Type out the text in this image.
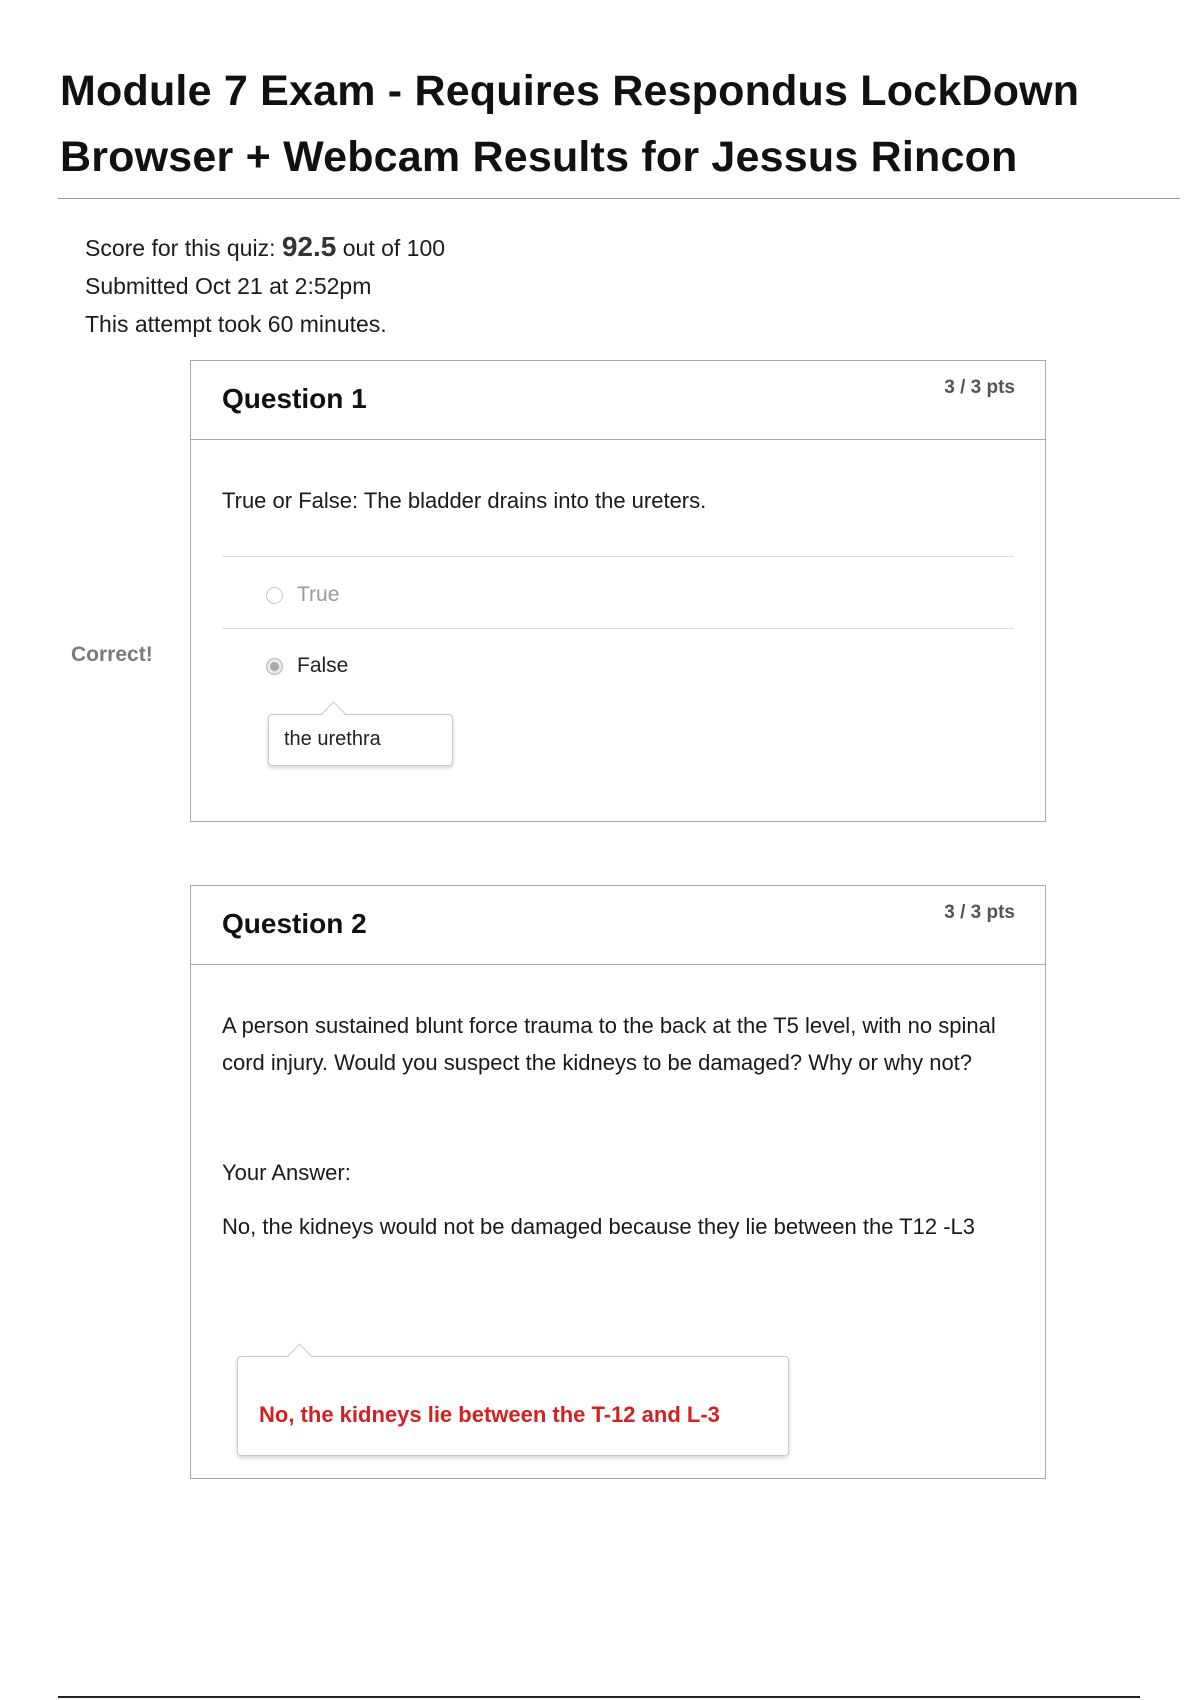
Module 7 Exam - Requires Respondus LockDown Browser + Webcam Results for Jessus Rincon
Score for this quiz: 92.5 out of 100
Submitted Oct 21 at 2:52pm
This attempt took 60 minutes.
Correct!
Question 1	3 / 3 pts
True or False: The bladder drains into the ureters.
True
False
the urethra
Question 2	3 / 3 pts
A person sustained blunt force trauma to the back at the T5 level, with no spinal cord injury. Would you suspect the kidneys to be damaged? Why or why not?
Your Answer:
No, the kidneys would not be damaged because they lie between the T12 -L3
No, the kidneys lie between the T-12 and L-3
